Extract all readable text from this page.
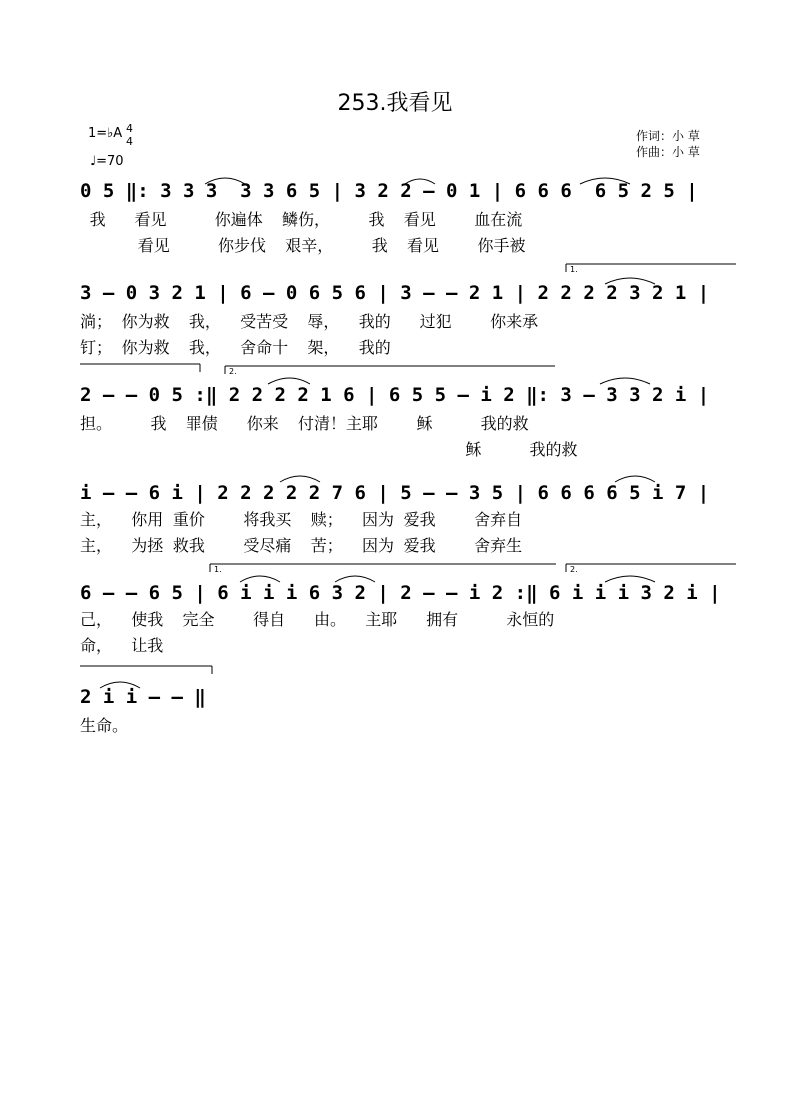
253.我看见
1=♭A 4
4
♩=70
作词：小 草
作曲：小 草
0 5 ‖: 3 3 3  3 3 6 5 | 3 2 2 – 0 1 | 6 6 6  6 5 2 5 |
我   看见     你遍体  鳞伤，    我  看见    血在流
看见     你步伐  艰辛，    我  看见    你手被
3 – 0 3 2 1 | 6 – 0 6 5 6 | 3 – – 2 1 | 2 2 2 2 3 2 1 |
淌； 你为救  我，  受苦受  辱，  我的   过犯    你来承
钉； 你为救  我，  舍命十  架，  我的
2 – – 0 5 :‖ 2 2 2 2 1 6 | 6 5 5 – i 2 ‖: 3 – 3 3 2 i |
担。    我  罪债   你来  付清！主耶    稣     我的救
稣     我的救
i – – 6 i | 2 2 2 2 2 7 6 | 5 – – 3 5 | 6 6 6 6 5 i 7 |
主，  你用 重价    将我买  赎；  因为 爱我    舍弃自
主，  为拯 救我    受尽痛  苦；  因为 爱我    舍弃生
6 – – 6 5 | 6 i i i 6 3 2 | 2 – – i 2 :‖ 6 i i i 3 2 i |
己，  使我  完全    得自   由。  主耶   拥有     永恒的
命，  让我
2 i i – – ‖
生命。
1.
2.
1.	2.
